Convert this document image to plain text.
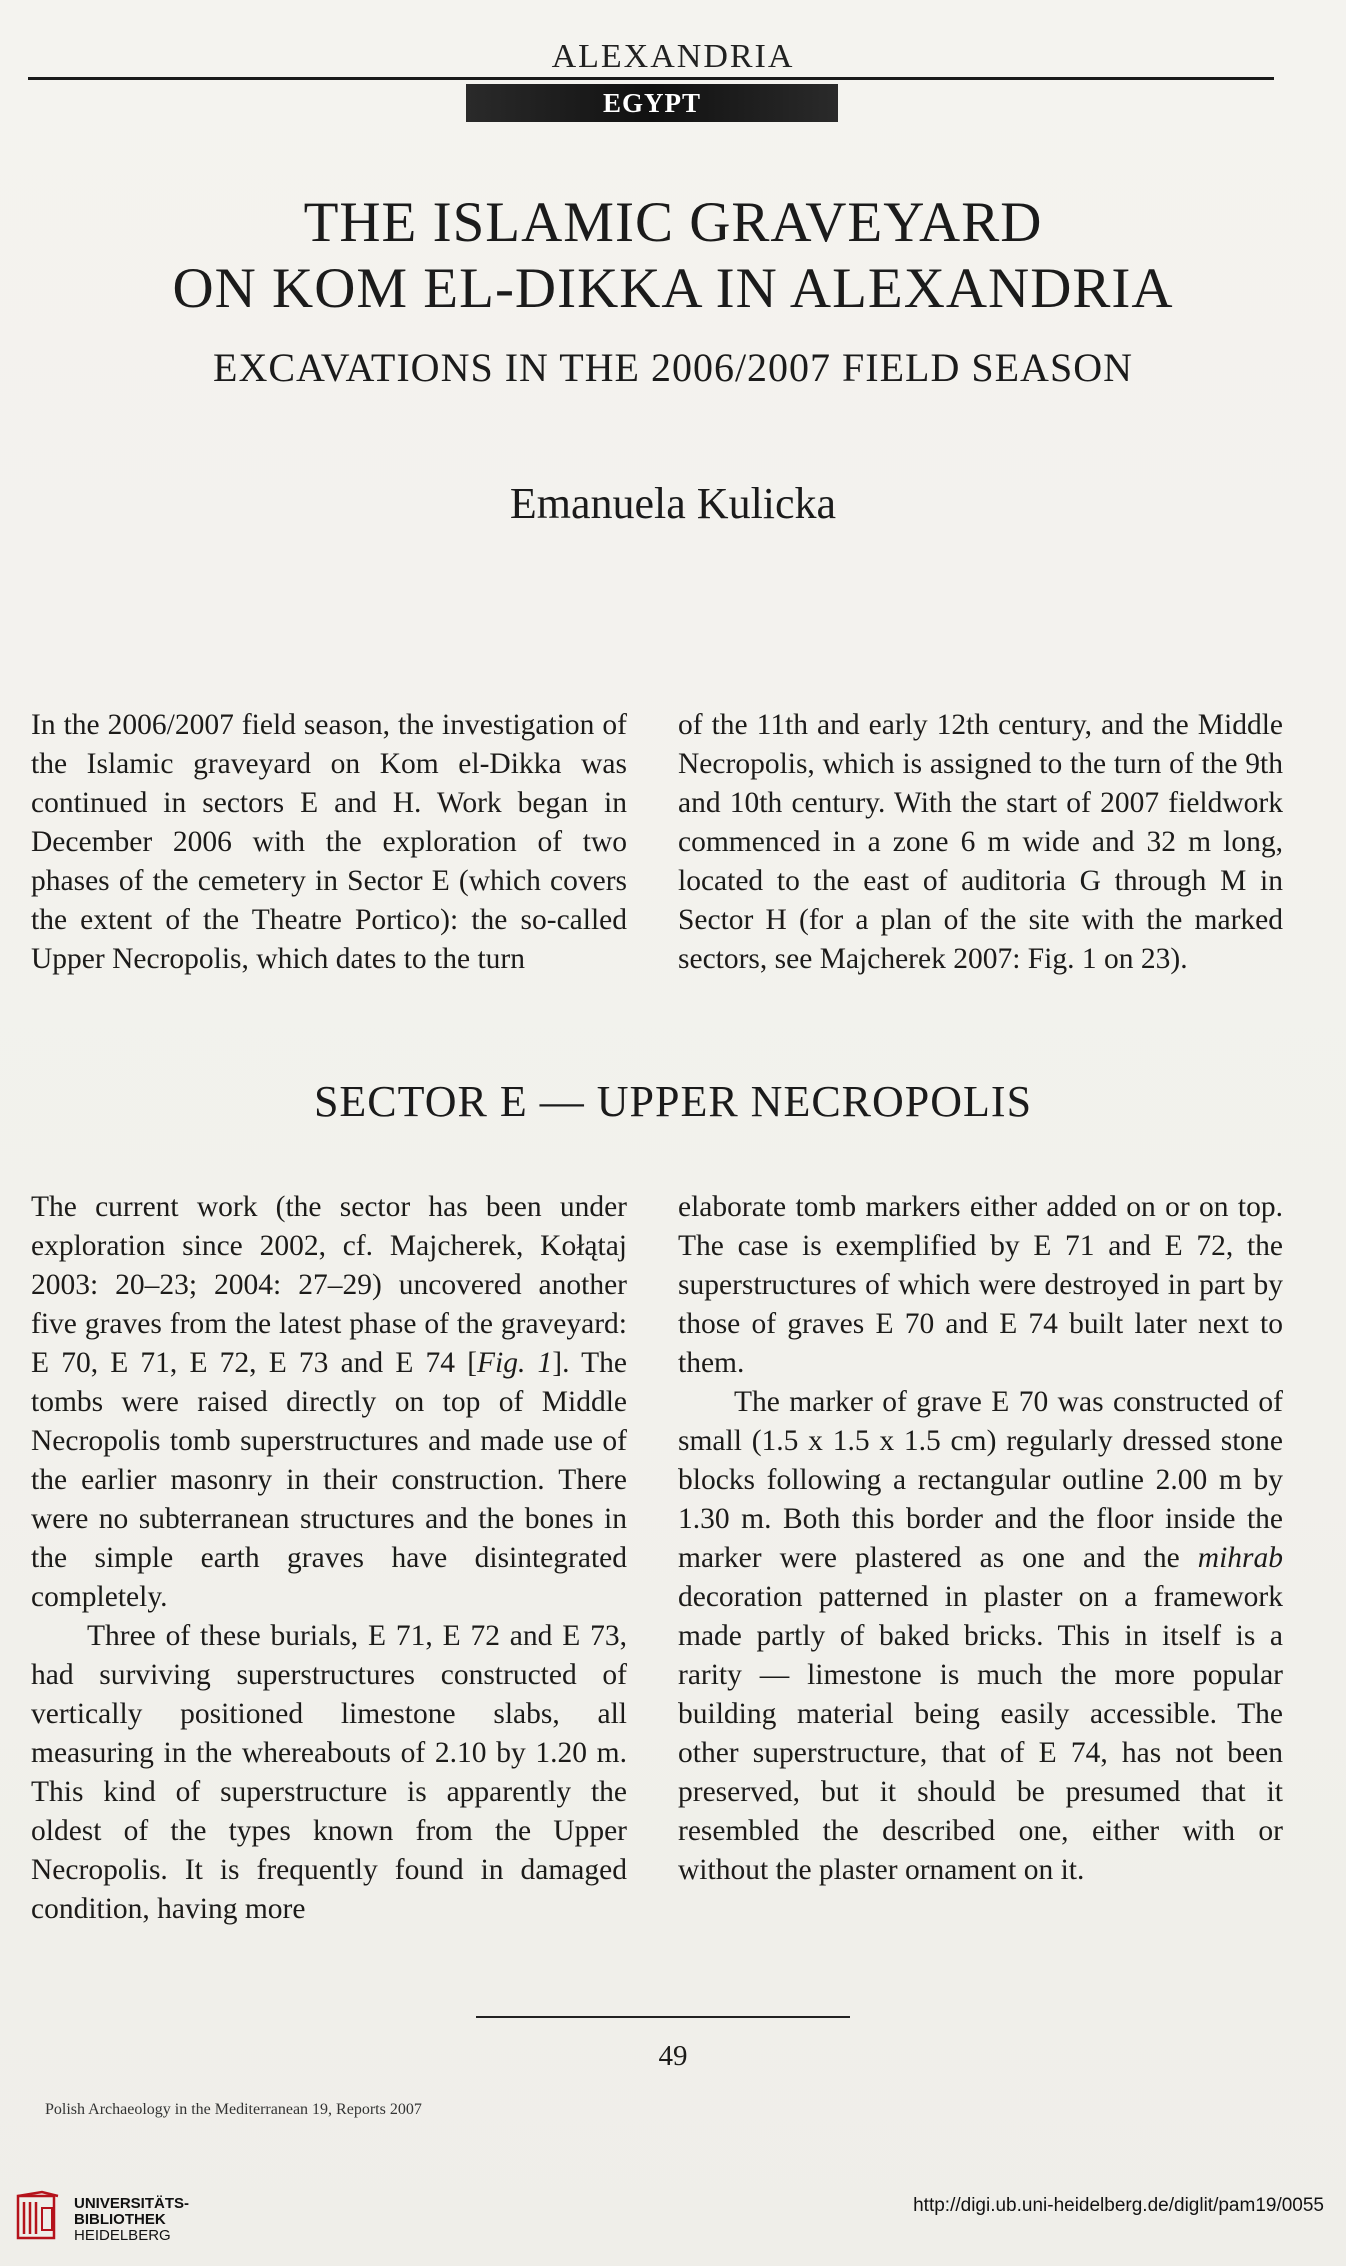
ALEXANDRIA
EGYPT
THE ISLAMIC GRAVEYARD
ON KOM EL-DIKKA IN ALEXANDRIA
EXCAVATIONS IN THE 2006/2007 FIELD SEASON
Emanuela Kulicka

In the 2006/2007 field season, the investigation of the Islamic graveyard on Kom el-Dikka was continued in sectors E and H. Work began in December 2006 with the exploration of two phases of the cemetery in Sector E (which covers the extent of the Theatre Portico): the so-called Upper Necropolis, which dates to the turn

of the 11th and early 12th century, and the Middle Necropolis, which is assigned to the turn of the 9th and 10th century. With the start of 2007 fieldwork commenced in a zone 6 m wide and 32 m long, located to the east of auditoria G through M in Sector H (for a plan of the site with the marked sectors, see Majcherek 2007: Fig. 1 on 23).

SECTOR E — UPPER NECROPOLIS

The current work (the sector has been under exploration since 2002, cf. Majcherek, Kołątaj 2003: 20–23; 2004: 27–29) uncovered another five graves from the latest phase of the graveyard: E 70, E 71, E 72, E 73 and E 74 [Fig. 1]. The tombs were raised directly on top of Middle Necropolis tomb superstructures and made use of the earlier masonry in their construction. There were no subterranean structures and the bones in the simple earth graves have disintegrated completely.

Three of these burials, E 71, E 72 and E 73, had surviving superstructures constructed of vertically positioned limestone slabs, all measuring in the whereabouts of 2.10 by 1.20 m. This kind of superstructure is apparently the oldest of the types known from the Upper Necropolis. It is frequently found in damaged condition, having more

elaborate tomb markers either added on or on top. The case is exemplified by E 71 and E 72, the superstructures of which were destroyed in part by those of graves E 70 and E 74 built later next to them.

The marker of grave E 70 was constructed of small (1.5 x 1.5 x 1.5 cm) regularly dressed stone blocks following a rectangular outline 2.00 m by 1.30 m. Both this border and the floor inside the marker were plastered as one and the mihrab decoration patterned in plaster on a framework made partly of baked bricks. This in itself is a rarity — limestone is much the more popular building material being easily accessible. The other superstructure, that of E 74, has not been preserved, but it should be presumed that it resembled the described one, either with or without the plaster ornament on it.

49
Polish Archaeology in the Mediterranean 19, Reports 2007
UNIVERSITÄTS-
BIBLIOTHEK
HEIDELBERG
http://digi.ub.uni-heidelberg.de/diglit/pam19/0055
